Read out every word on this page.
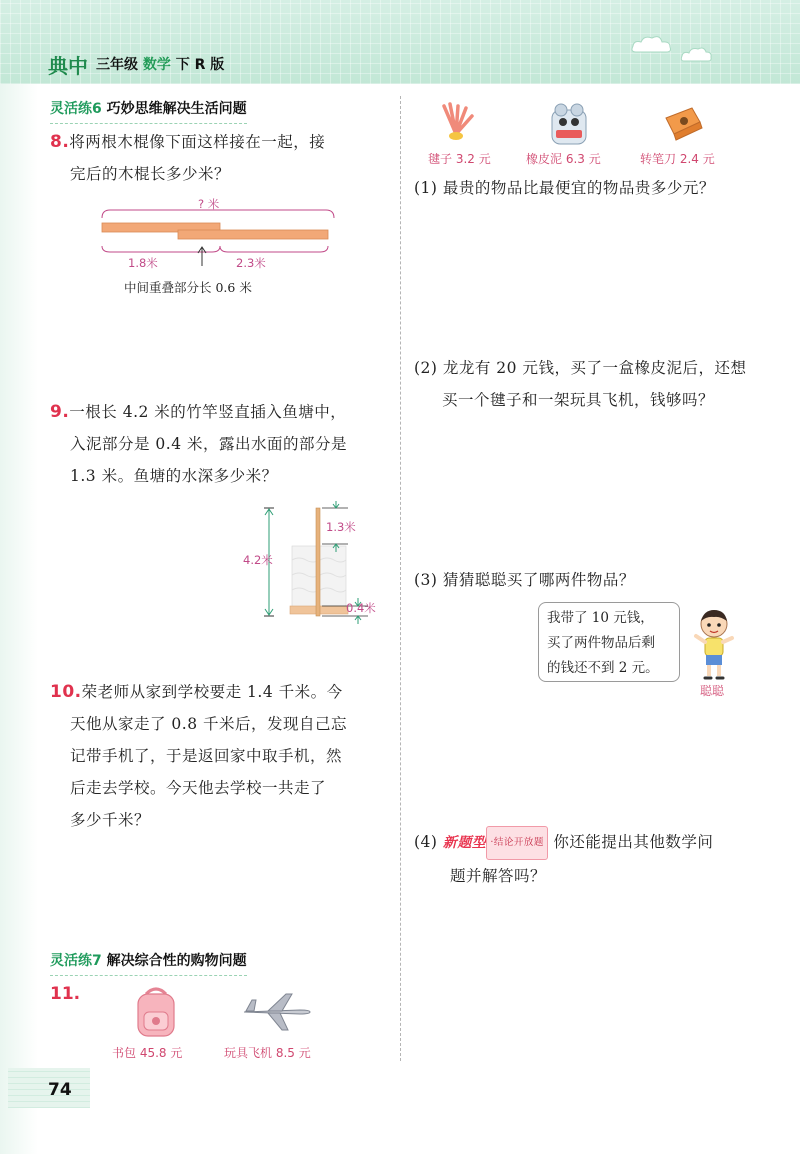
典中 三年级 数学 下 R 版
灵活练6 巧妙思维解决生活问题
8.将两根木棍像下面这样接在一起，接
完后的木棍长多少米？
? 米
1.8米	2.3米
中间重叠部分长 0.6 米
9.一根长 4.2 米的竹竿竖直插入鱼塘中，
入泥部分是 0.4 米，露出水面的部分是
1.3 米。鱼塘的水深多少米？
4.2米
1.3米
0.4米
10.荣老师从家到学校要走 1.4 千米。今
天他从家走了 0.8 千米后，发现自己忘
记带手机了，于是返回家中取手机，然
后走去学校。今天他去学校一共走了
多少千米？
灵活练7 解决综合性的购物问题
11.
书包 45.8 元	玩具飞机 8.5 元
毽子 3.2 元	橡皮泥 6.3 元	转笔刀 2.4 元
(1) 最贵的物品比最便宜的物品贵多少元？
(2) 龙龙有 20 元钱，买了一盒橡皮泥后，还想
买一个毽子和一架玩具飞机，钱够吗？
(3) 猜猜聪聪买了哪两件物品？
我带了 10 元钱，
买了两件物品后剩
的钱还不到 2 元。
聪聪
(4) 新题型 ·结论开放题 你还能提出其他数学问
题并解答吗？
74
